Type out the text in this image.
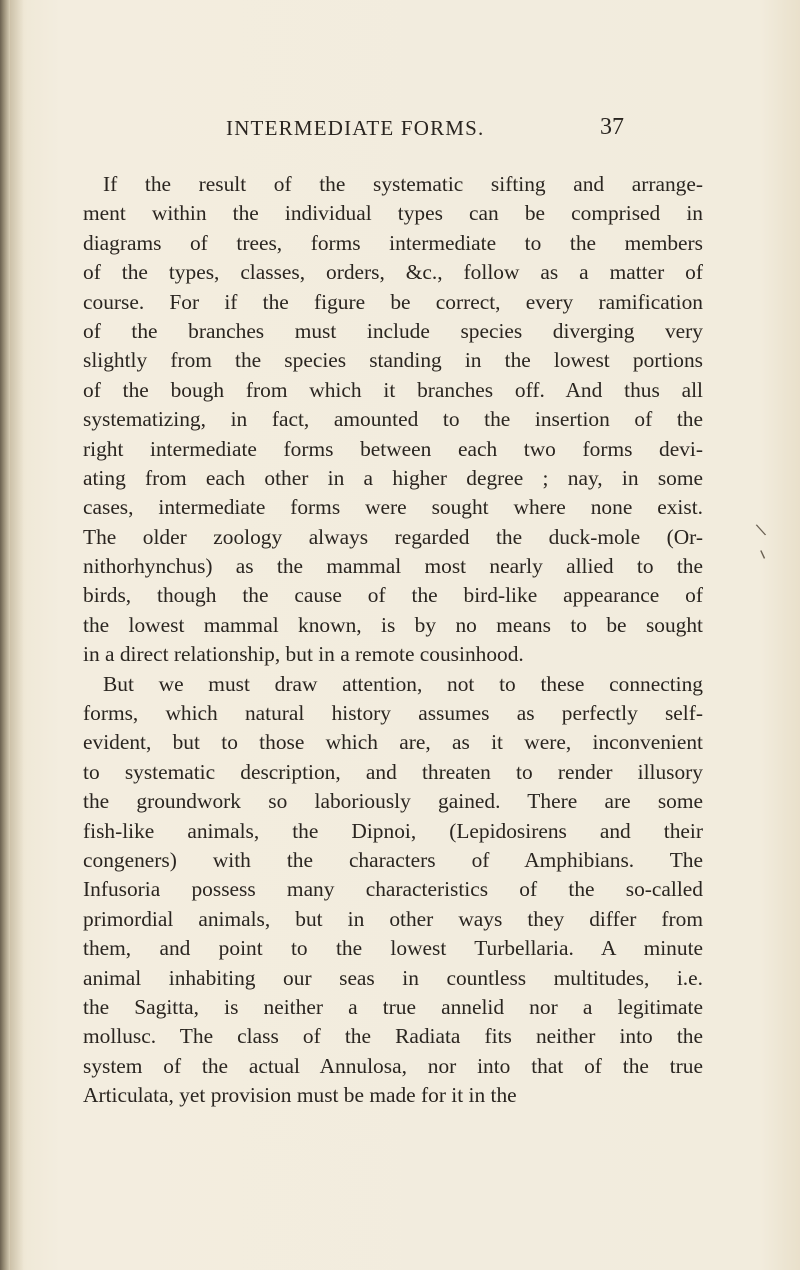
INTERMEDIATE FORMS.	37
If the result of the systematic sifting and arrange-
ment within the individual types can be comprised in
diagrams of trees, forms intermediate to the members
of the types, classes, orders, &c., follow as a matter of
course. For if the figure be correct, every ramification
of the branches must include species diverging very
slightly from the species standing in the lowest portions
of the bough from which it branches off. And thus all
systematizing, in fact, amounted to the insertion of the
right intermediate forms between each two forms devi-
ating from each other in a higher degree ; nay, in some
cases, intermediate forms were sought where none exist.
The older zoology always regarded the duck-mole (Or-
nithorhynchus) as the mammal most nearly allied to the
birds, though the cause of the bird-like appearance of
the lowest mammal known, is by no means to be sought
in a direct relationship, but in a remote cousinhood.
But we must draw attention, not to these connecting
forms, which natural history assumes as perfectly self-
evident, but to those which are, as it were, inconvenient
to systematic description, and threaten to render illusory
the groundwork so laboriously gained. There are some
fish-like animals, the Dipnoi, (Lepidosirens and their
congeners) with the characters of Amphibians. The
Infusoria possess many characteristics of the so-called
primordial animals, but in other ways they differ from
them, and point to the lowest Turbellaria. A minute
animal inhabiting our seas in countless multitudes, i.e.
the Sagitta, is neither a true annelid nor a legitimate
mollusc. The class of the Radiata fits neither into the
system of the actual Annulosa, nor into that of the true
Articulata, yet provision must be made for it in the
\
ı
